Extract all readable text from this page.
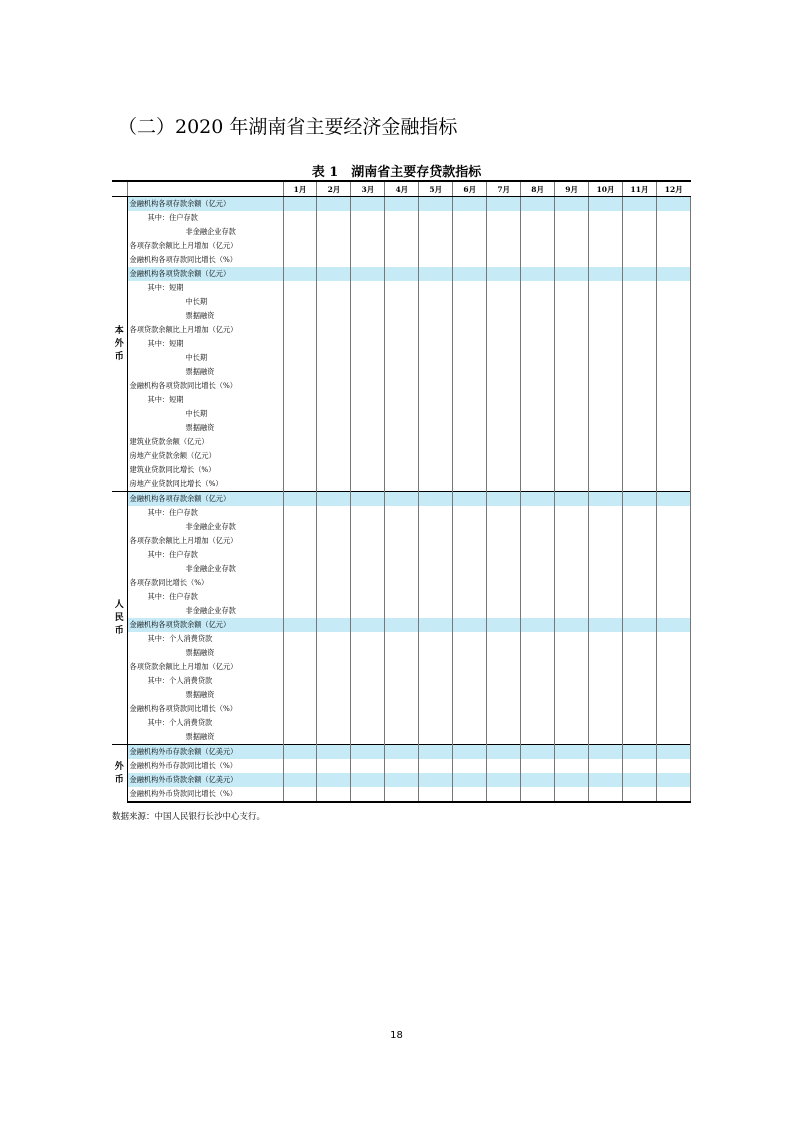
（二）2020 年湖南省主要经济金融指标
表 1　湖南省主要存贷款指标
		1月	2月	3月	4月	5月	6月	7月	8月	9月	10月	11月	12月
本
外
币	金融机构各项存款余额（亿元）												
	其中：住户存款												
	非金融企业存款												
	各项存款余额比上月增加（亿元）												
	金融机构各项存款同比增长（%）												
	金融机构各项贷款余额（亿元）												
	其中：短期												
	中长期												
	票据融资												
	各项贷款余额比上月增加（亿元）												
	其中：短期												
	中长期												
	票据融资												
	金融机构各项贷款同比增长（%）												
	其中：短期												
	中长期												
	票据融资												
	建筑业贷款余额（亿元）												
	房地产业贷款余额（亿元）												
	建筑业贷款同比增长（%）												
	房地产业贷款同比增长（%）												
人
民
币	金融机构各项存款余额（亿元）												
	其中：住户存款												
	非金融企业存款												
	各项存款余额比上月增加（亿元）												
	其中：住户存款												
	非金融企业存款												
	各项存款同比增长（%）												
	其中：住户存款												
	非金融企业存款												
	金融机构各项贷款余额（亿元）												
	其中：个人消费贷款												
	票据融资												
	各项贷款余额比上月增加（亿元）												
	其中：个人消费贷款												
	票据融资												
	金融机构各项贷款同比增长（%）												
	其中：个人消费贷款												
	票据融资												
外
币	金融机构外币存款余额（亿美元）												
	金融机构外币存款同比增长（%）												
	金融机构外币贷款余额（亿美元）												
	金融机构外币贷款同比增长（%）												
数据来源：中国人民银行长沙中心支行。
18
